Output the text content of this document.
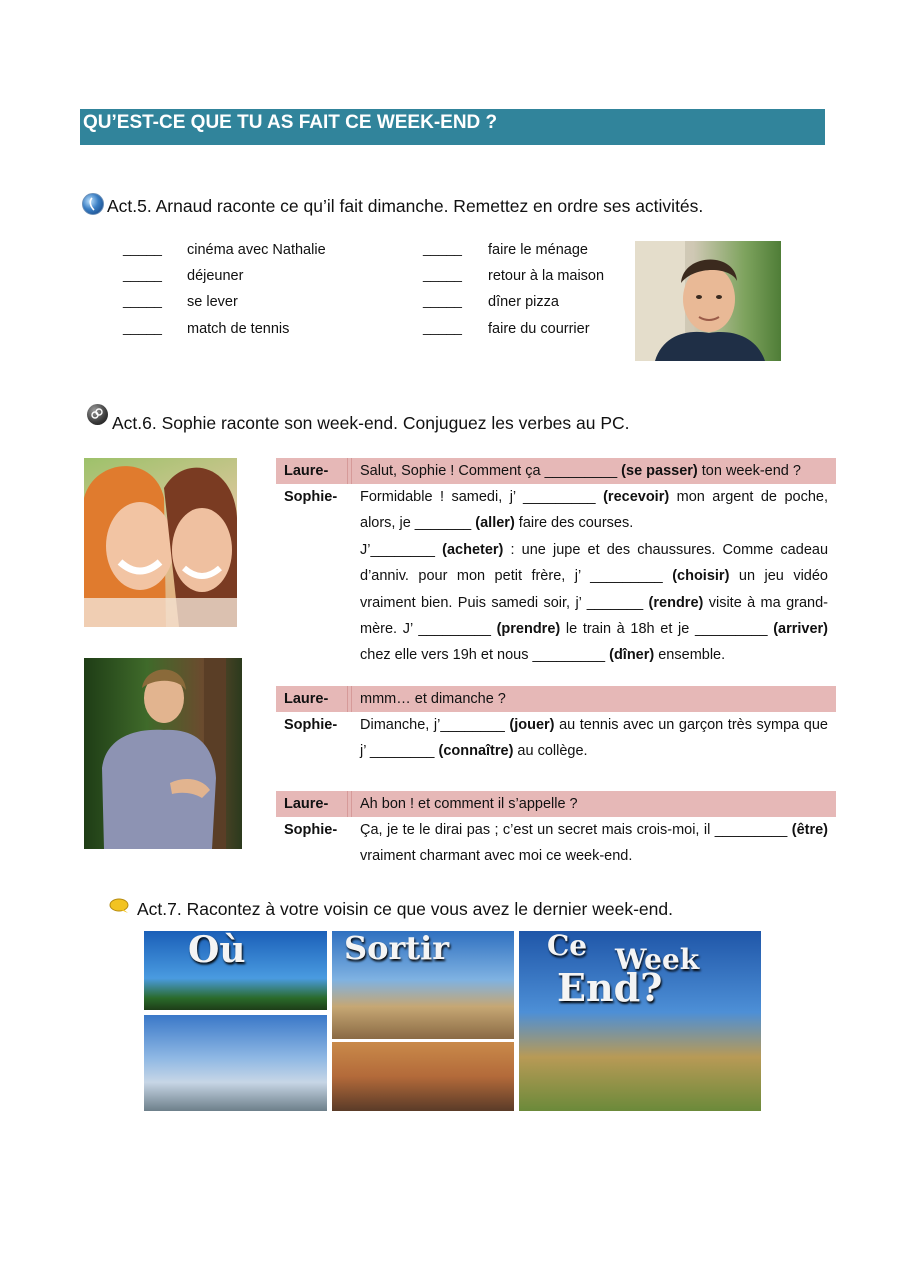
QU’EST-CE QUE TU AS FAIT CE WEEK-END ?
Act.5. Arnaud raconte ce qu’il fait dimanche. Remettez en ordre ses activités.
_____ cinéma avec Nathalie
_____ déjeuner
_____ se lever
_____ match de tennis
_____ faire le ménage
_____ retour à la maison
_____ dîner pizza
_____ faire du courrier
Act.6. Sophie raconte son week-end. Conjuguez les verbes au PC.
Laure- Salut, Sophie ! Comment ça _________ (se passer) ton week-end ?
Sophie- Formidable ! samedi, j’ _________ (recevoir) mon argent de poche, alors, je _______ (aller) faire des courses.
J’________ (acheter) : une jupe et des chaussures. Comme cadeau d’anniv. pour mon petit frère, j’ _________ (choisir) un jeu vidéo vraiment bien. Puis samedi soir, j’ _______ (rendre) visite à ma grand-mère. J’ _________ (prendre) le train à 18h et je _________ (arriver) chez elle vers 19h et nous _________ (dîner) ensemble.
Laure- mmm… et dimanche ?
Sophie- Dimanche, j’________ (jouer) au tennis avec un garçon très sympa que j’ ________ (connaître) au collège.
Laure- Ah bon ! et comment il s’appelle ?
Sophie- Ça, je te le dirai pas ; c’est un secret mais crois-moi, il _________ (être) vraiment charmant avec moi ce week-end.
Act.7. Racontez à votre voisin ce que vous avez le dernier week-end.
Où	Sortir	Ce Week
End?
